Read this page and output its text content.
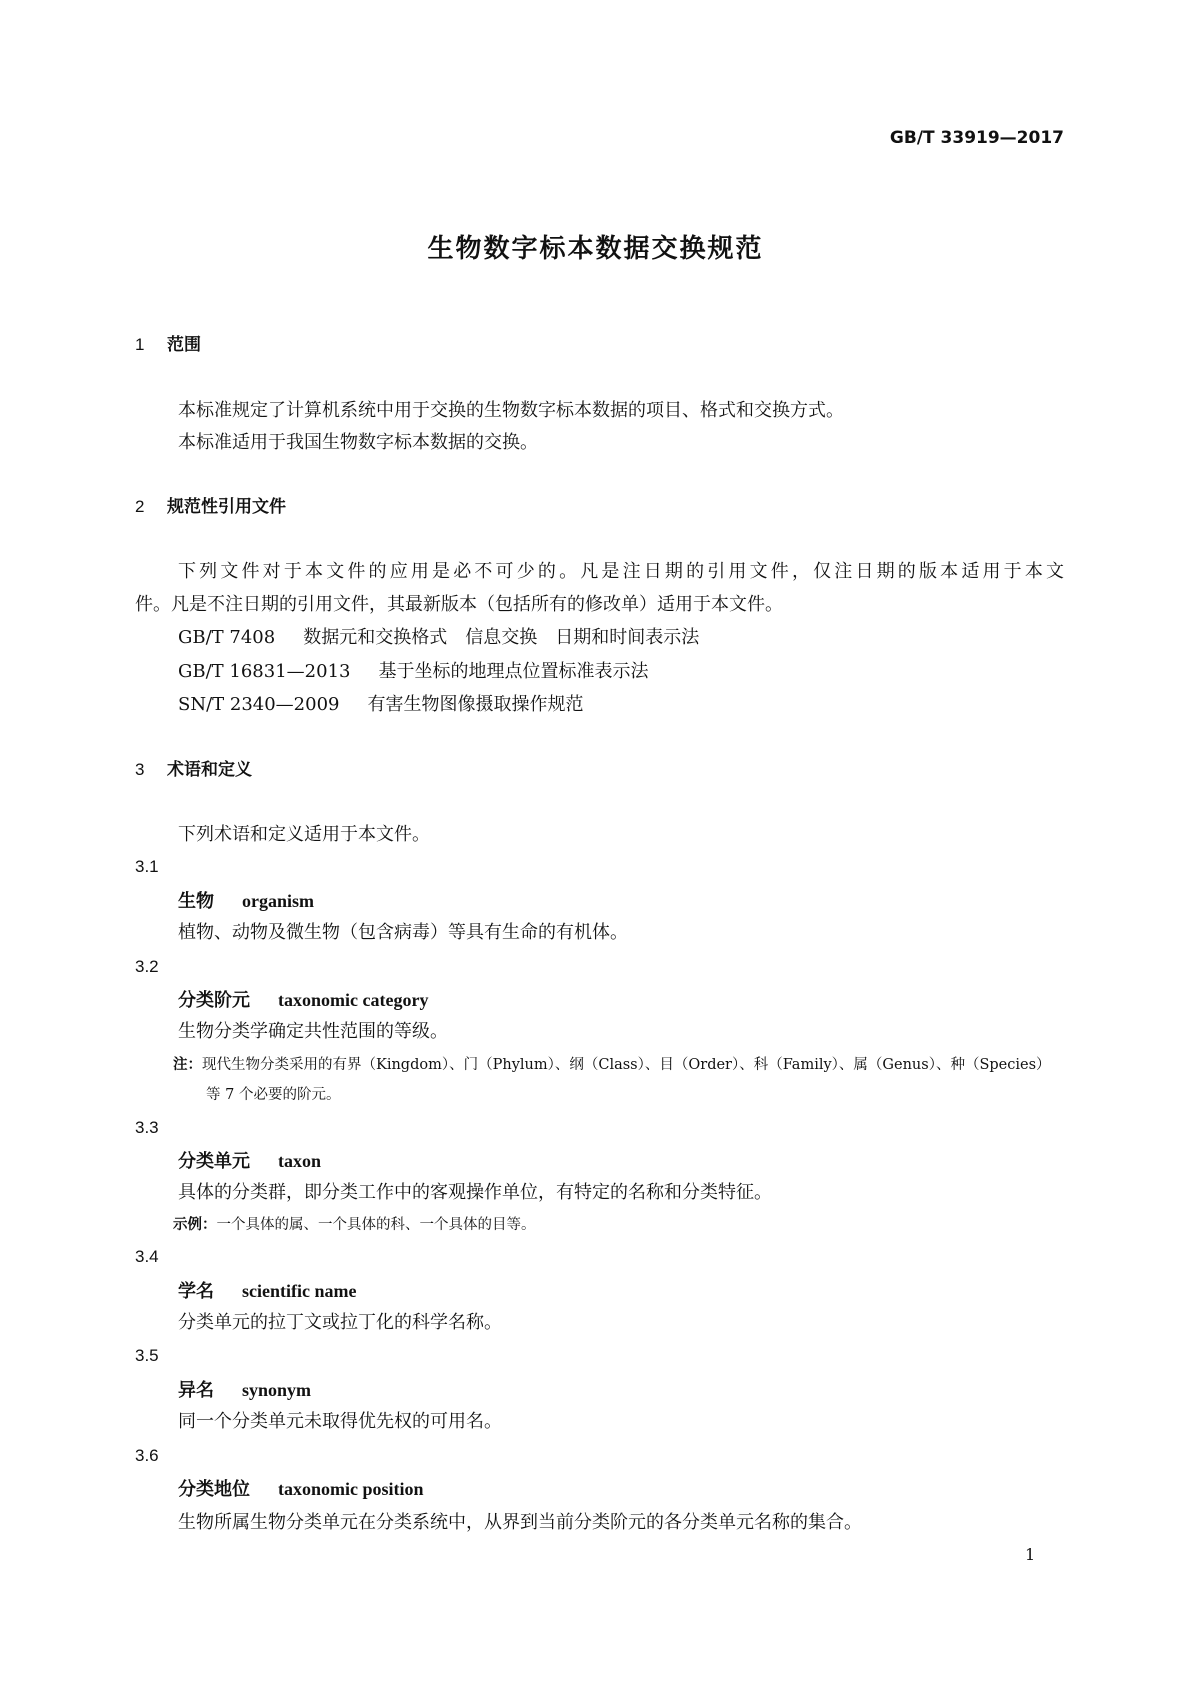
GB/T 33919—2017
生物数字标本数据交换规范
1 范围
本标准规定了计算机系统中用于交换的生物数字标本数据的项目、格式和交换方式。
本标准适用于我国生物数字标本数据的交换。
2 规范性引用文件
下列文件对于本文件的应用是必不可少的。凡是注日期的引用文件，仅注日期的版本适用于本文
件。凡是不注日期的引用文件，其最新版本（包括所有的修改单）适用于本文件。
GB/T 7408 数据元和交换格式　信息交换　日期和时间表示法
GB/T 16831—2013 基于坐标的地理点位置标准表示法
SN/T 2340—2009 有害生物图像摄取操作规范
3 术语和定义
下列术语和定义适用于本文件。
3.1
生物 organism
植物、动物及微生物（包含病毒）等具有生命的有机体。
3.2
分类阶元 taxonomic category
生物分类学确定共性范围的等级。
注：现代生物分类采用的有界（Kingdom）、门（Phylum）、纲（Class）、目（Order）、科（Family）、属（Genus）、种（Species）
等 7 个必要的阶元。
3.3
分类单元 taxon
具体的分类群，即分类工作中的客观操作单位，有特定的名称和分类特征。
示例：一个具体的属、一个具体的科、一个具体的目等。
3.4
学名 scientific name
分类单元的拉丁文或拉丁化的科学名称。
3.5
异名 synonym
同一个分类单元未取得优先权的可用名。
3.6
分类地位 taxonomic position
生物所属生物分类单元在分类系统中，从界到当前分类阶元的各分类单元名称的集合。
1
